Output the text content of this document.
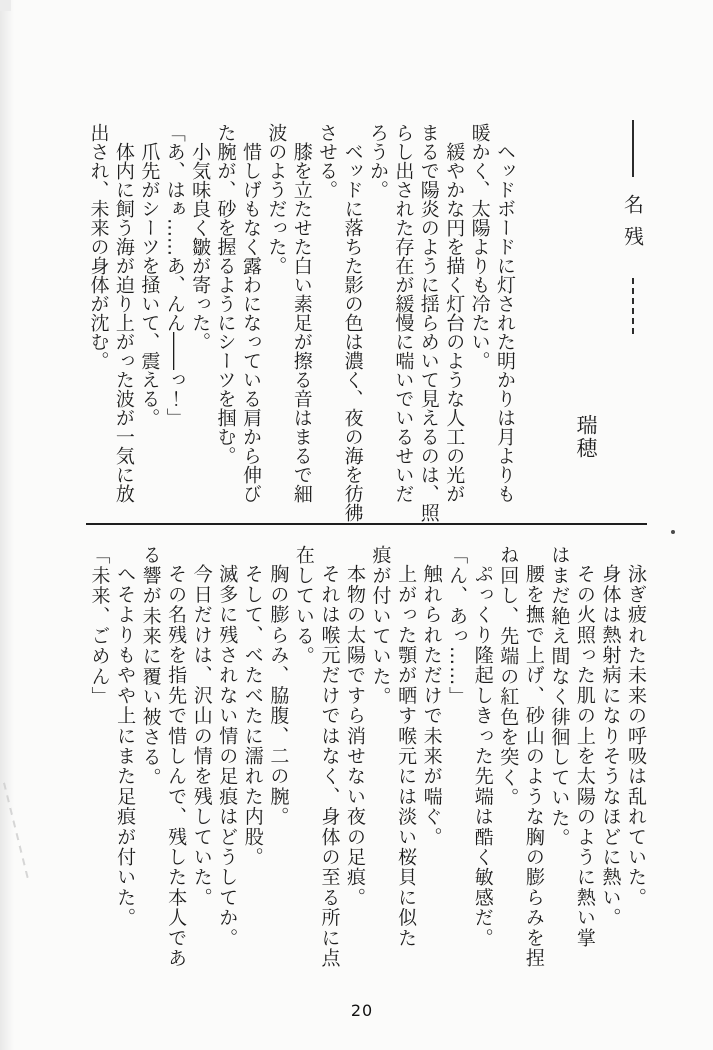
名残
瑞穂
ヘッドボードに灯された明かりは月よりも
暖かく、太陽よりも冷たい。
緩やかな円を描く灯台のような人工の光が
まるで陽炎のように揺らめいて見えるのは、照
らし出された存在が緩慢に喘いでいるせいだ
ろうか。
ベッドに落ちた影の色は濃く、夜の海を彷彿
させる。
膝を立たせた白い素足が擦る音はまるで細
波のようだった。
惜しげもなく露わになっている肩から伸び
た腕が、砂を握るようにシーツを掴む。
小気味良く皺が寄った。
「あ、はぁ……あ、んん――っ！」
爪先がシーツを掻いて、震える。
体内に飼う海が迫り上がった波が一気に放
出され、未来の身体が沈む。
泳ぎ疲れた未来の呼吸は乱れていた。
身体は熱射病になりそうなほどに熱い。
その火照った肌の上を太陽のように熱い掌
はまだ絶え間なく徘徊していた。
腰を撫で上げ、砂山のような胸の膨らみを捏
ね回し、先端の紅色を突く。
ぷっくり隆起しきった先端は酷く敏感だ。
「ん、あっ……」
触れられただけで未来が喘ぐ。
上がった顎が晒す喉元には淡い桜貝に似た
痕が付いていた。
本物の太陽ですら消せない夜の足痕。
それは喉元だけではなく、身体の至る所に点
在している。
胸の膨らみ、脇腹、二の腕。
そして、べたべたに濡れた内股。
滅多に残されない情の足痕はどうしてか。
今日だけは、沢山の情を残していた。
その名残を指先で惜しんで、残した本人であ
る響が未来に覆い被さる。
へそよりもやや上にまた足痕が付いた。
「未来、ごめん」
20
